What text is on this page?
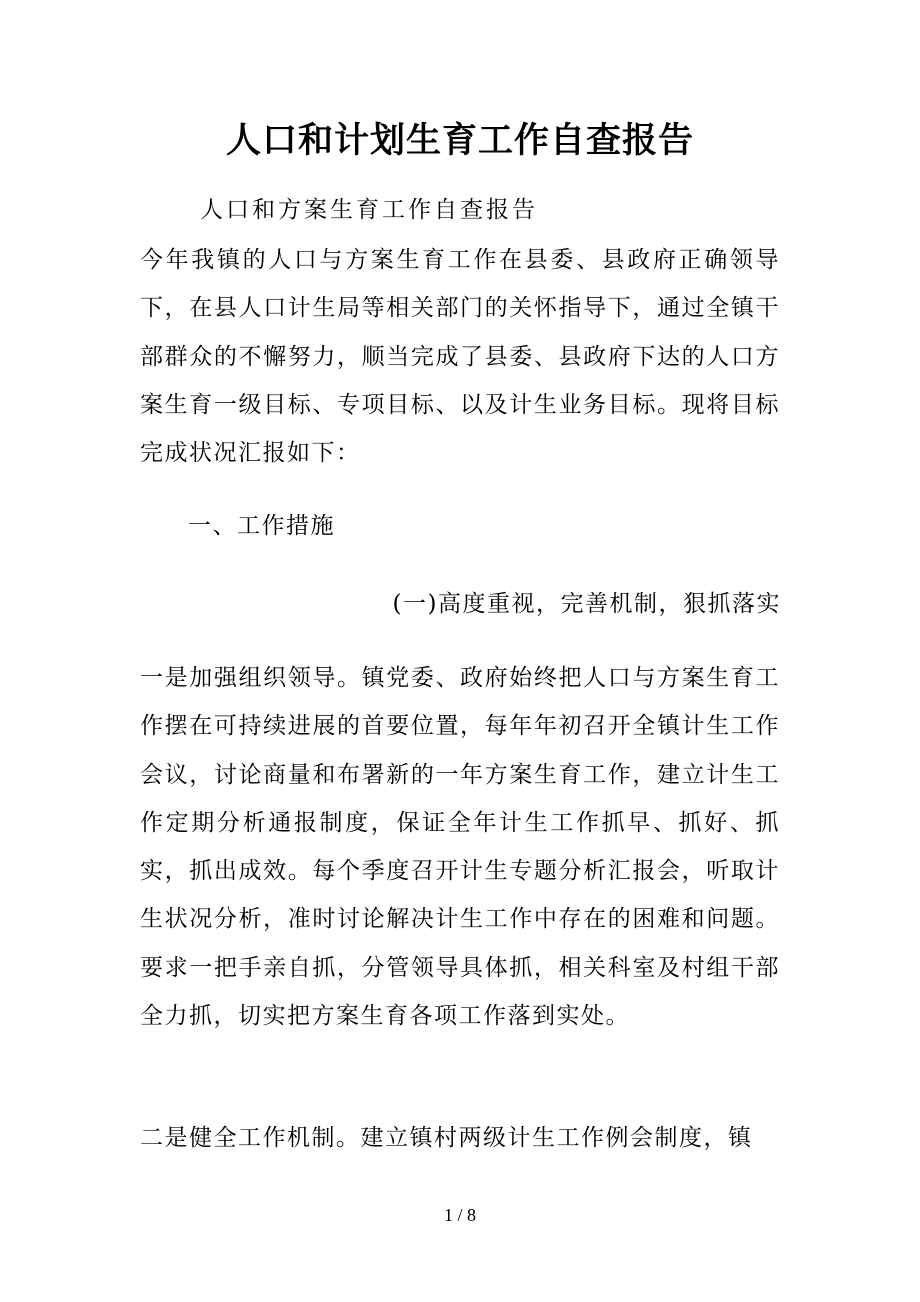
人口和计划生育工作自查报告
人口和方案生育工作自查报告
今年我镇的人口与方案生育工作在县委、县政府正确领导下，在县人口计生局等相关部门的关怀指导下，通过全镇干部群众的不懈努力，顺当完成了县委、县政府下达的人口方案生育一级目标、专项目标、以及计生业务目标。现将目标完成状况汇报如下：
一、工作措施
(一)高度重视，完善机制，狠抓落实
一是加强组织领导。镇党委、政府始终把人口与方案生育工作摆在可持续进展的首要位置，每年年初召开全镇计生工作会议，讨论商量和布署新的一年方案生育工作，建立计生工作定期分析通报制度，保证全年计生工作抓早、抓好、抓实，抓出成效。每个季度召开计生专题分析汇报会，听取计生状况分析，准时讨论解决计生工作中存在的困难和问题。要求一把手亲自抓，分管领导具体抓，相关科室及村组干部全力抓，切实把方案生育各项工作落到实处。
二是健全工作机制。建立镇村两级计生工作例会制度，镇
1 / 8
